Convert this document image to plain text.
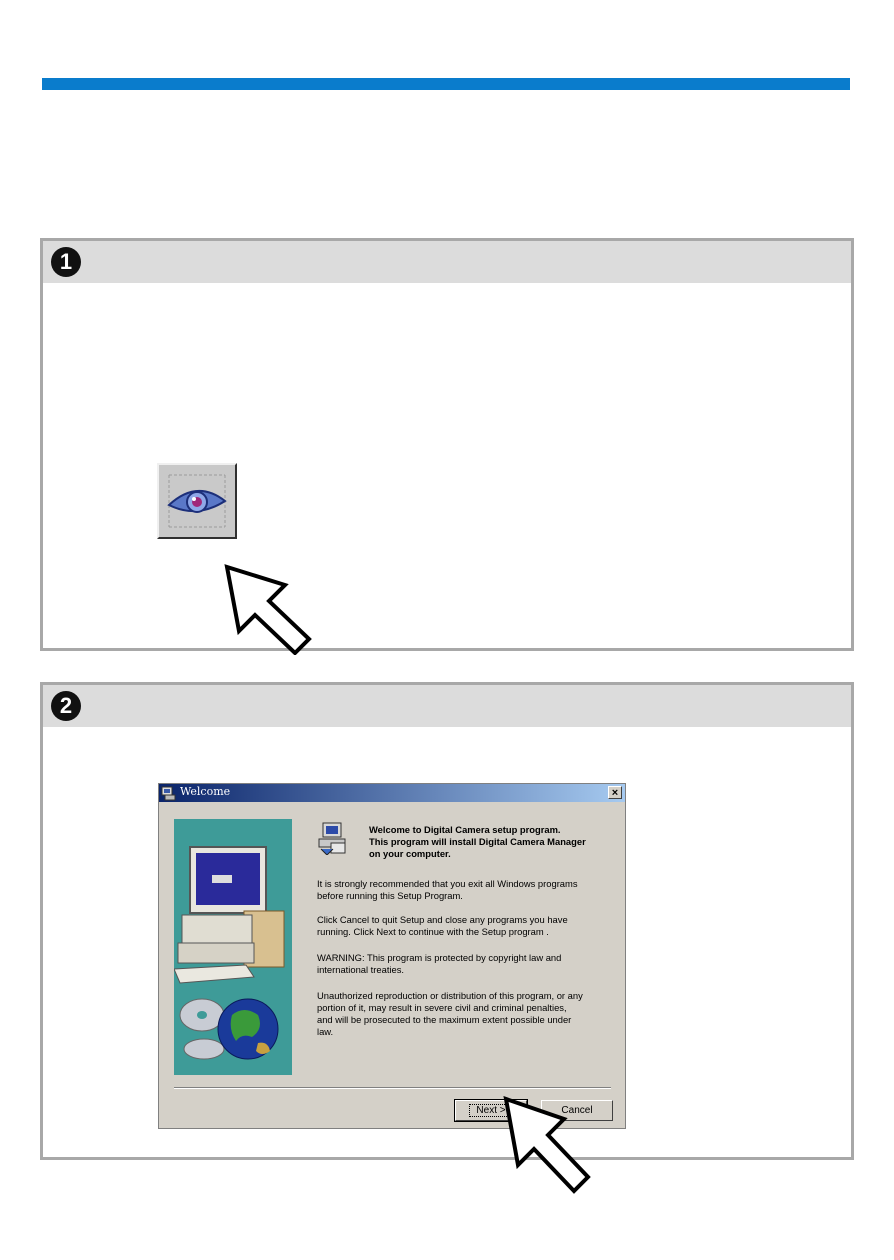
1
2
Welcome	×
Welcome to Digital Camera setup program.
This program will install Digital Camera Manager
on your computer.
It is strongly recommended that you exit all Windows programs
before running this Setup Program.
Click Cancel to quit Setup and close any programs you have
running. Click Next to continue with the Setup program .
WARNING: This program is protected by copyright law and
international treaties.
Unauthorized reproduction or distribution of this program, or any
portion of it, may result in severe civil and criminal penalties,
and will be prosecuted to the maximum extent possible under
law.
Next >	Cancel
